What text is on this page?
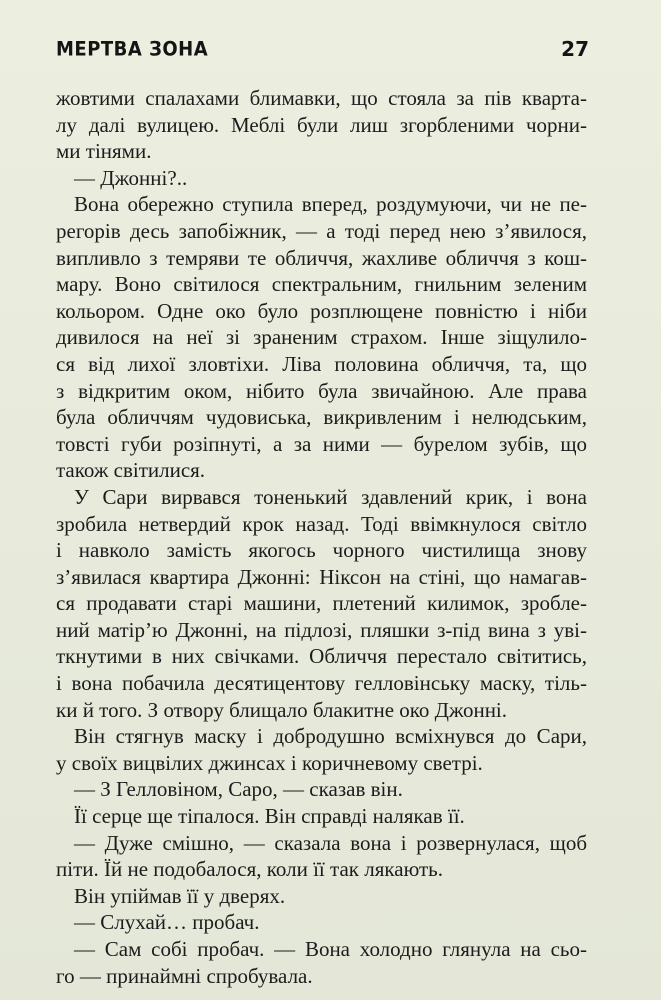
МЕРТВА ЗОНА	27
жовтими спалахами блимавки, що стояла за пів кварта-
лу далі вулицею. Меблі були лиш згорбленими чорни-
ми тінями.
— Джонні?..
Вона обережно ступила вперед, роздумуючи, чи не пе-
регорів десь запобіжник, — а тоді перед нею з’явилося,
випливло з темряви те обличчя, жахливе обличчя з кош-
мару. Воно світилося спектральним, гнильним зеленим
кольором. Одне око було розплющене повністю і ніби
дивилося на неї зі зраненим страхом. Інше зіщулило-
ся від лихої зловтіхи. Ліва половина обличчя, та, що
з відкритим оком, нібито була звичайною. Але права
була обличчям чудовиська, викривленим і нелюдським,
товсті губи розіпнуті, а за ними — бурелом зубів, що
також світилися.
У Сари вирвався тоненький здавлений крик, і вона
зробила нетвердий крок назад. Тоді ввімкнулося світло
і навколо замість якогось чорного чистилища знову
з’явилася квартира Джонні: Ніксон на стіні, що намагав-
ся продавати старі машини, плетений килимок, зробле-
ний матір’ю Джонні, на підлозі, пляшки з-під вина з уві-
ткнутими в них свічками. Обличчя перестало світитись,
і вона побачила десятицентову гелловінську маску, тіль-
ки й того. З отвору блищало блакитне око Джонні.
Він стягнув маску і добродушно всміхнувся до Сари,
у своїх вицвілих джинсах і коричневому светрі.
— З Гелловіном, Саро, — сказав він.
Її серце ще тіпалося. Він справді налякав її.
— Дуже смішно, — сказала вона і розвернулася, щоб
піти. Їй не подобалося, коли її так лякають.
Він упіймав її у дверях.
— Слухай… пробач.
— Сам собі пробач. — Вона холодно глянула на сьо-
го — принаймні спробувала.
